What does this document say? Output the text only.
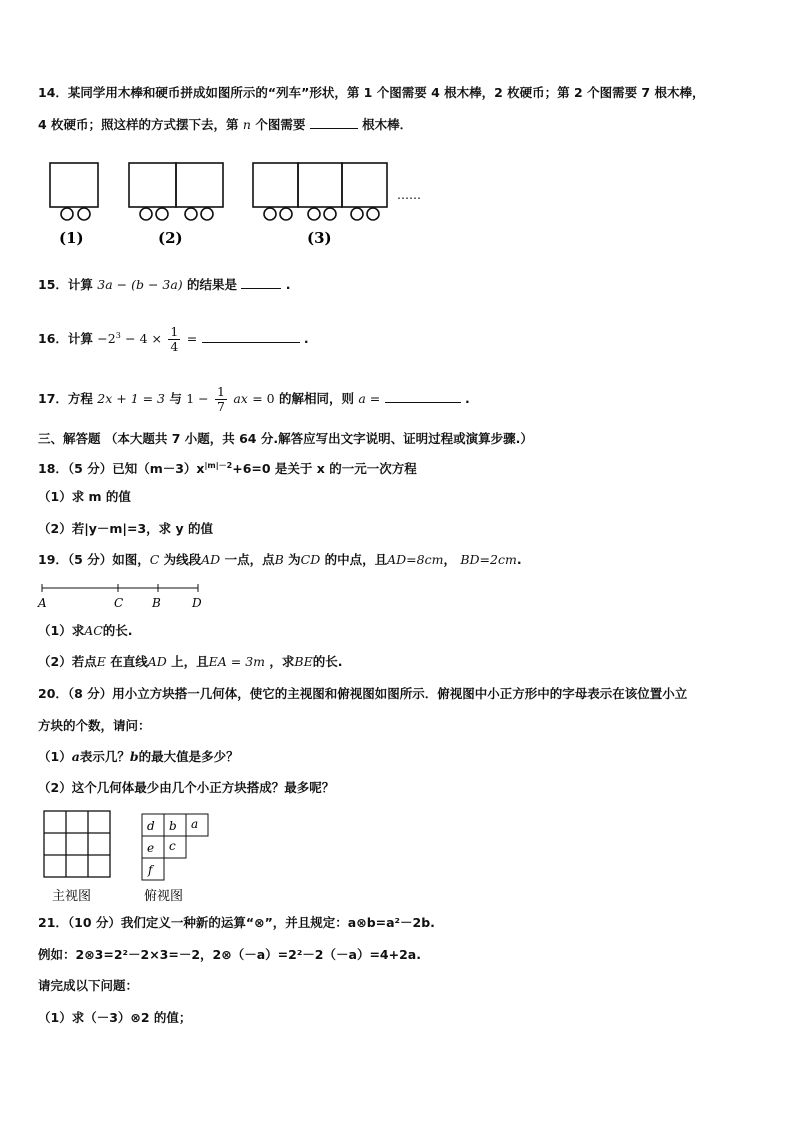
14．某同学用木棒和硬币拼成如图所示的“列车”形状，第 1 个图需要 4 根木棒，2 枚硬币；第 2 个图需要 7 根木棒，
4 枚硬币；照这样的方式摆下去，第 n 个图需要	根木棒．
……
(1)	(2)	(3)
15．计算 3a − (b − 3a) 的结果是	.
16．计算 $-2^3 - 4 \times \frac{1}{4}$ =	.
17．方程 2x + 1 = 3 与 $1 - \frac{1}{7}$ ax = 0 的解相同，则 a =	.
三、解答题 （本大题共 7 小题，共 64 分.解答应写出文字说明、证明过程或演算步骤.）
18．（5 分）已知$(m-3)x^{|m|-2}+6=0$ 是关于 x 的一元一次方程
（1）求 m 的值
（2）若|y－m|=3，求 y 的值
19．（5 分）如图，C 为线段AD 一点，点B 为CD 的中点，且AD=8cm， BD=2cm.
A	C B	D
（1）求AC的长.
（2）若点E 在直线AD 上，且EA = 3m ，求BE的长.
20．（8 分）用小立方块搭一几何体，使它的主视图和俯视图如图所示．俯视图中小正方形中的字母表示在该位置小立
方块的个数，请问：
（1）a表示几？b的最大值是多少？
（2）这个几何体最少由几个小正方块搭成？最多呢？
主视图
d b a
e c
f
俯视图
21．（10 分）我们定义一种新的运算“⊗”，并且规定：a⊗b=a²－2b.
例如：2⊗3=2²－2×3=－2，2⊗（－a）=2²－2（－a）=4+2a.
请完成以下问题：
（1）求（－3）⊗2 的值；
